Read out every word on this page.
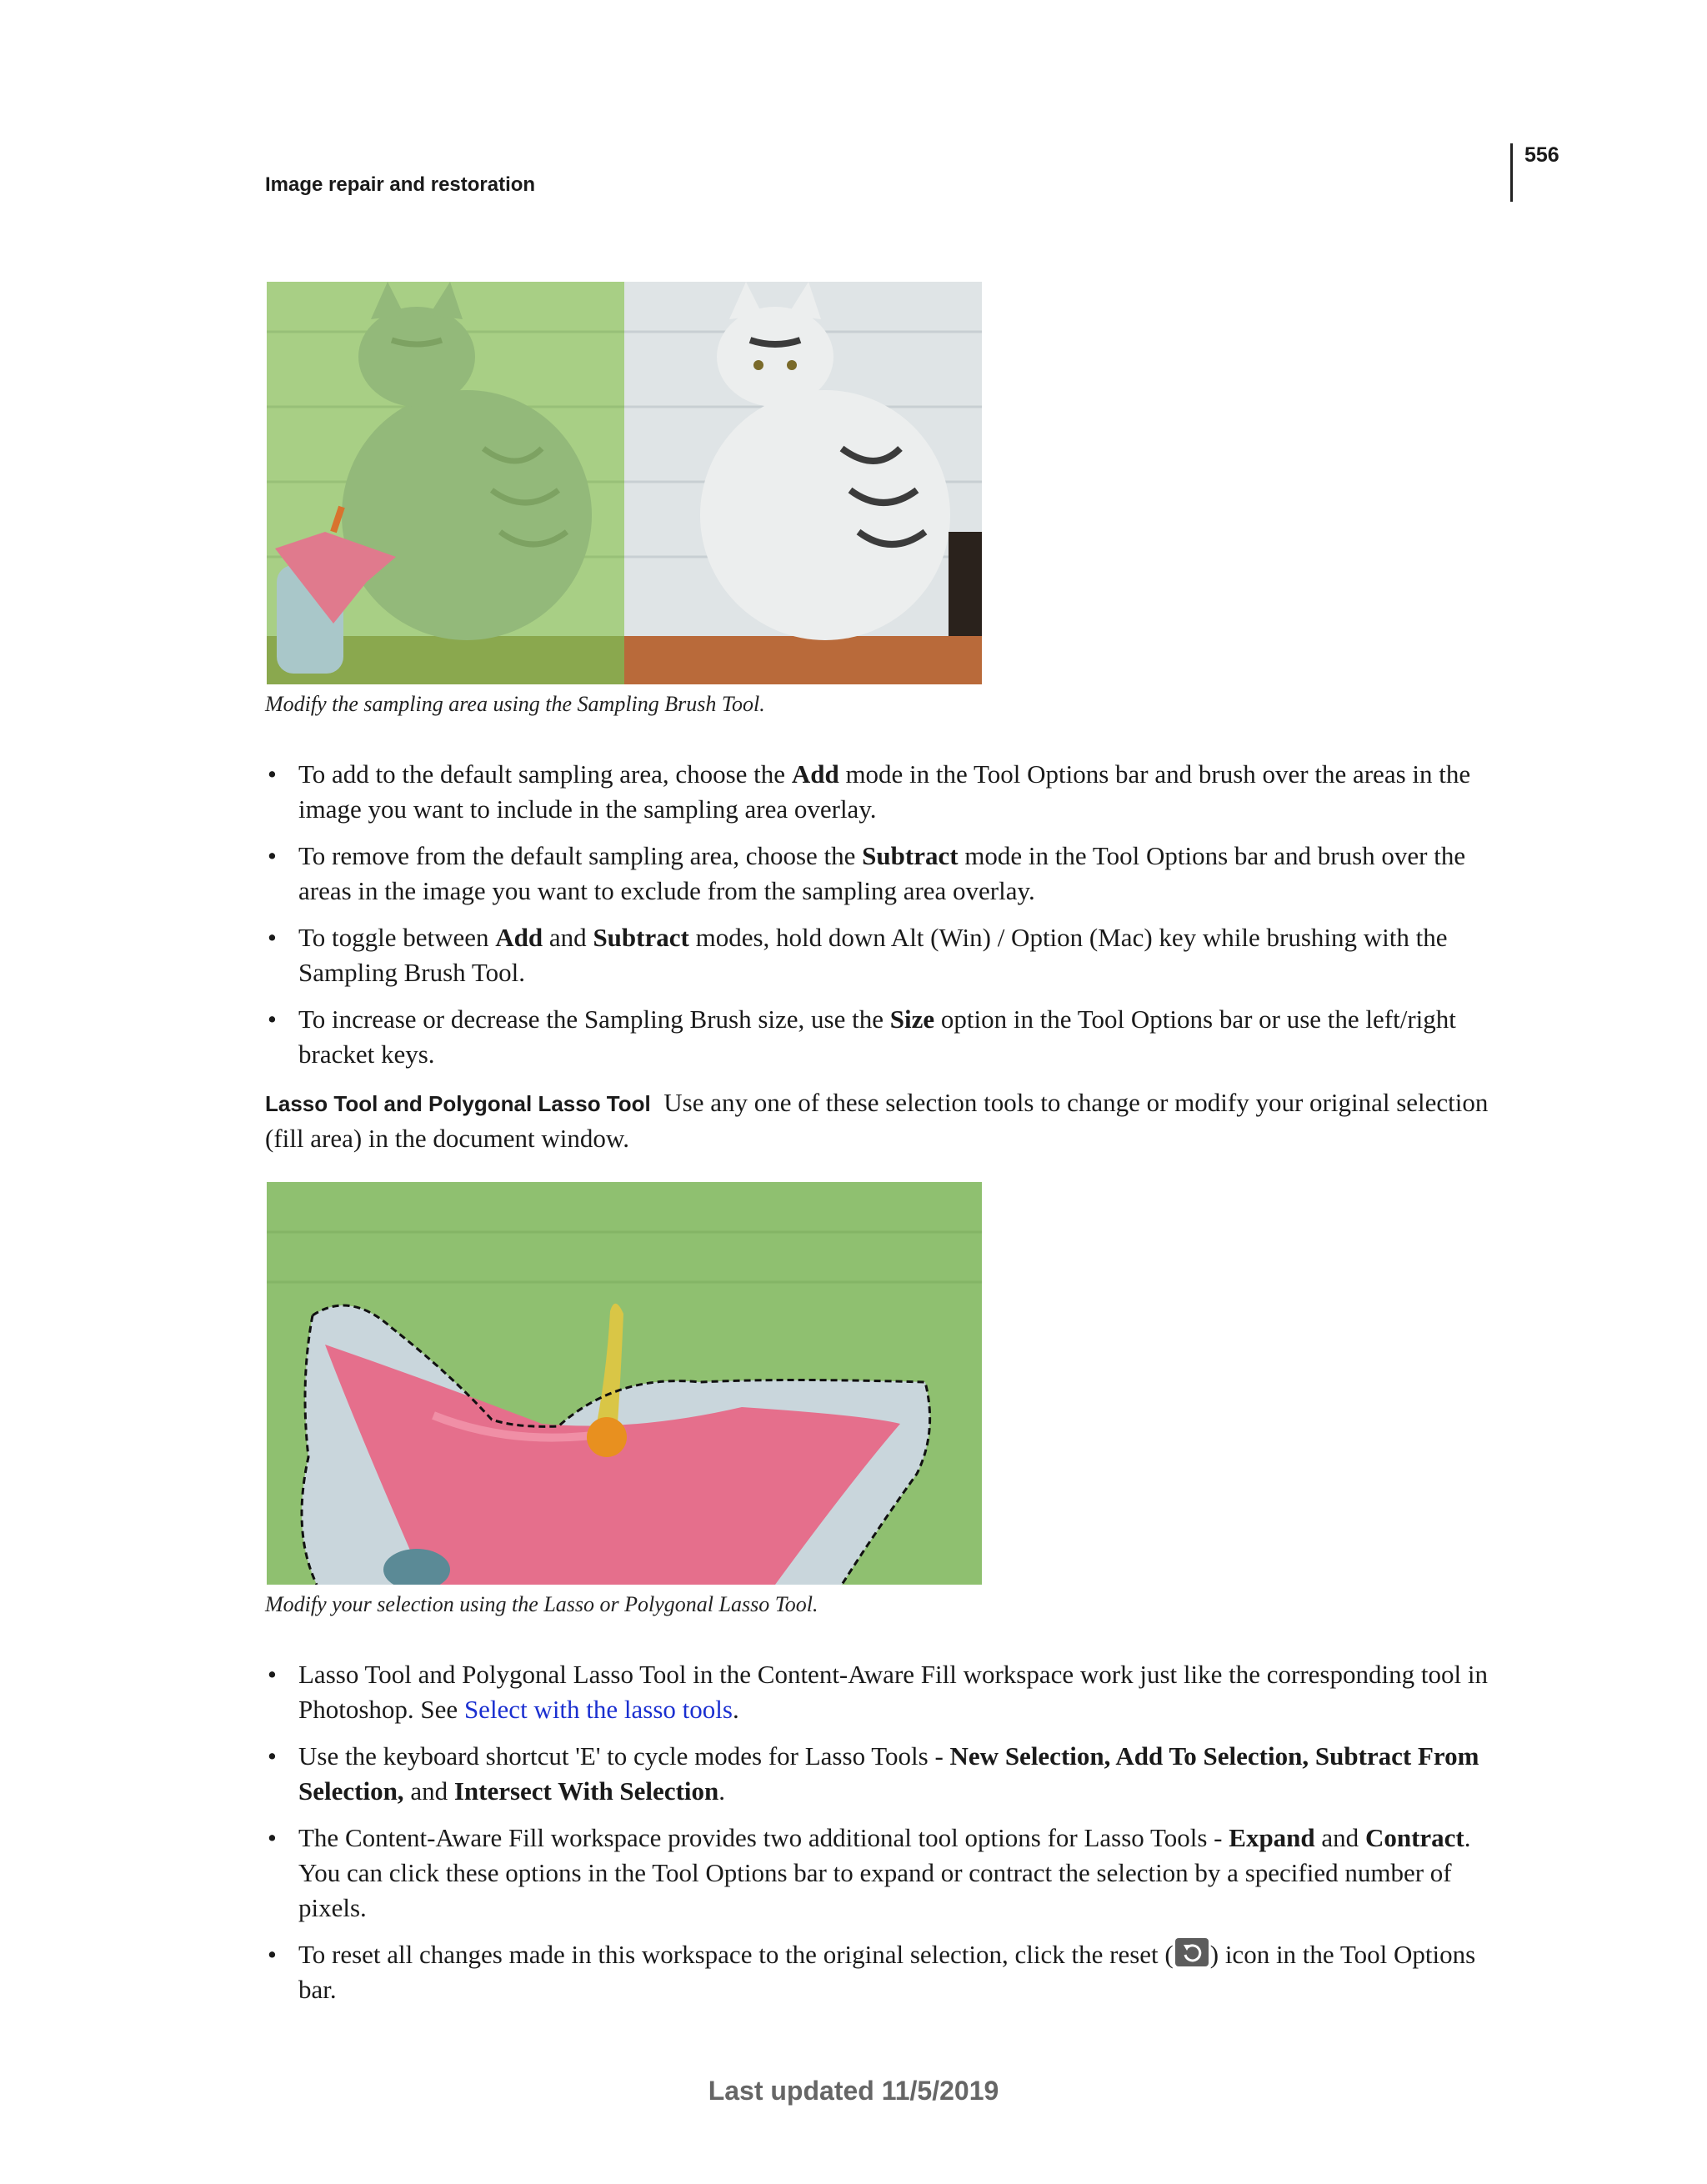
Image repair and restoration
556
Modify the sampling area using the Sampling Brush Tool.
• To add to the default sampling area, choose the Add mode in the Tool Options bar and brush over the areas in the image you want to include in the sampling area overlay.
• To remove from the default sampling area, choose the Subtract mode in the Tool Options bar and brush over the areas in the image you want to exclude from the sampling area overlay.
• To toggle between Add and Subtract modes, hold down Alt (Win) / Option (Mac) key while brushing with the Sampling Brush Tool.
• To increase or decrease the Sampling Brush size, use the Size option in the Tool Options bar or use the left/right bracket keys.

Lasso Tool and Polygonal Lasso Tool Use any one of these selection tools to change or modify your original selection (fill area) in the document window.

Modify your selection using the Lasso or Polygonal Lasso Tool.
• Lasso Tool and Polygonal Lasso Tool in the Content-Aware Fill workspace work just like the corresponding tool in Photoshop. See Select with the lasso tools.
• Use the keyboard shortcut 'E' to cycle modes for Lasso Tools - New Selection, Add To Selection, Subtract From Selection, and Intersect With Selection.
• The Content-Aware Fill workspace provides two additional tool options for Lasso Tools - Expand and Contract. You can click these options in the Tool Options bar to expand or contract the selection by a specified number of pixels.
• To reset all changes made in this workspace to the original selection, click the reset ( ) icon in the Tool Options bar.
Last updated 11/5/2019
